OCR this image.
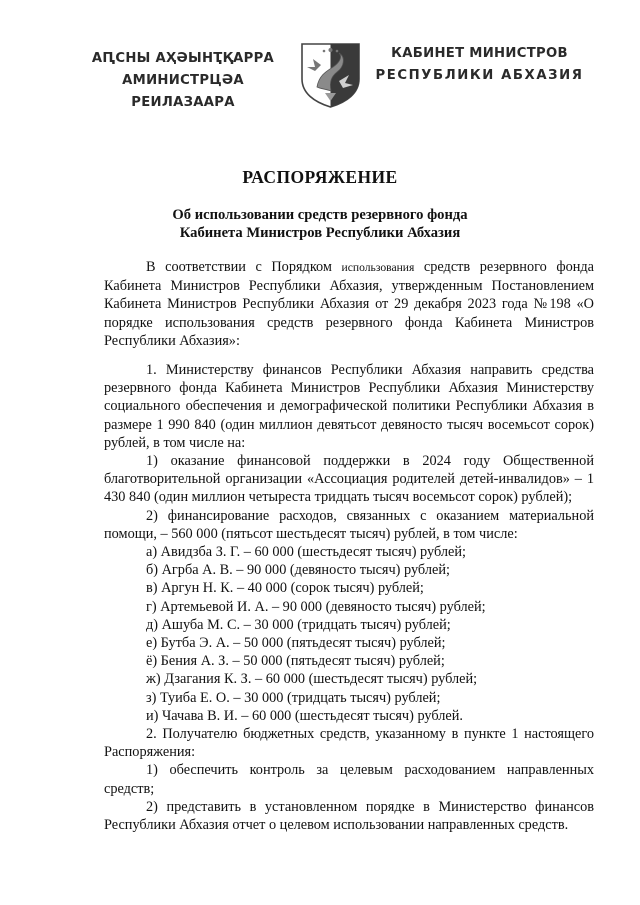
АԤСНЫ АҲӘЫНҬҚАРРА
АМИНИСТРЦӘА РЕИЛАЗААРА
КАБИНЕТ МИНИСТРОВ
РЕСПУБЛИКИ АБХАЗИЯ
РАСПОРЯЖЕНИЕ
Об использовании средств резервного фонда
Кабинета Министров Республики Абхазия

В соответствии с Порядком использования средств резервного фонда Кабинета Министров Республики Абхазия, утвержденным Постановлением Кабинета Министров Республики Абхазия от 29 декабря 2023 года №198 «О порядке использования средств резервного фонда Кабинета Министров Республики Абхазия»:

1. Министерству финансов Республики Абхазия направить средства резервного фонда Кабинета Министров Республики Абхазия Министерству социального обеспечения и демографической политики Республики Абхазия в размере 1 990 840 (один миллион девятьсот девяносто тысяч восемьсот сорок) рублей, в том числе на:

1) оказание финансовой поддержки в 2024 году Общественной благотворительной организации «Ассоциация родителей детей-инвалидов» – 1 430 840 (один миллион четыреста тридцать тысяч восемьсот сорок) рублей);

2) финансирование расходов, связанных с оказанием материальной помощи, – 560 000 (пятьсот шестьдесят тысяч) рублей, в том числе:

а) Авидзба З. Г. – 60 000 (шестьдесят тысяч) рублей;

б) Агрба А. В. – 90 000 (девяносто тысяч) рублей;

в) Аргун Н. К. – 40 000 (сорок тысяч) рублей;

г) Артемьевой И. А. – 90 000 (девяносто тысяч) рублей;

д) Ашуба М. С. – 30 000 (тридцать тысяч) рублей;

е) Бутба Э. А. – 50 000 (пятьдесят тысяч) рублей;

ё) Бения А. З. – 50 000 (пятьдесят тысяч) рублей;

ж) Дзагания К. З. – 60 000 (шестьдесят тысяч) рублей;

з) Туиба Е. О. – 30 000 (тридцать тысяч) рублей;

и) Чачава В. И. – 60 000 (шестьдесят тысяч) рублей.

2. Получателю бюджетных средств, указанному в пункте 1 настоящего Распоряжения:

1) обеспечить контроль за целевым расходованием направленных средств;

2) представить в установленном порядке в Министерство финансов Республики Абхазия отчет о целевом использовании направленных средств.
